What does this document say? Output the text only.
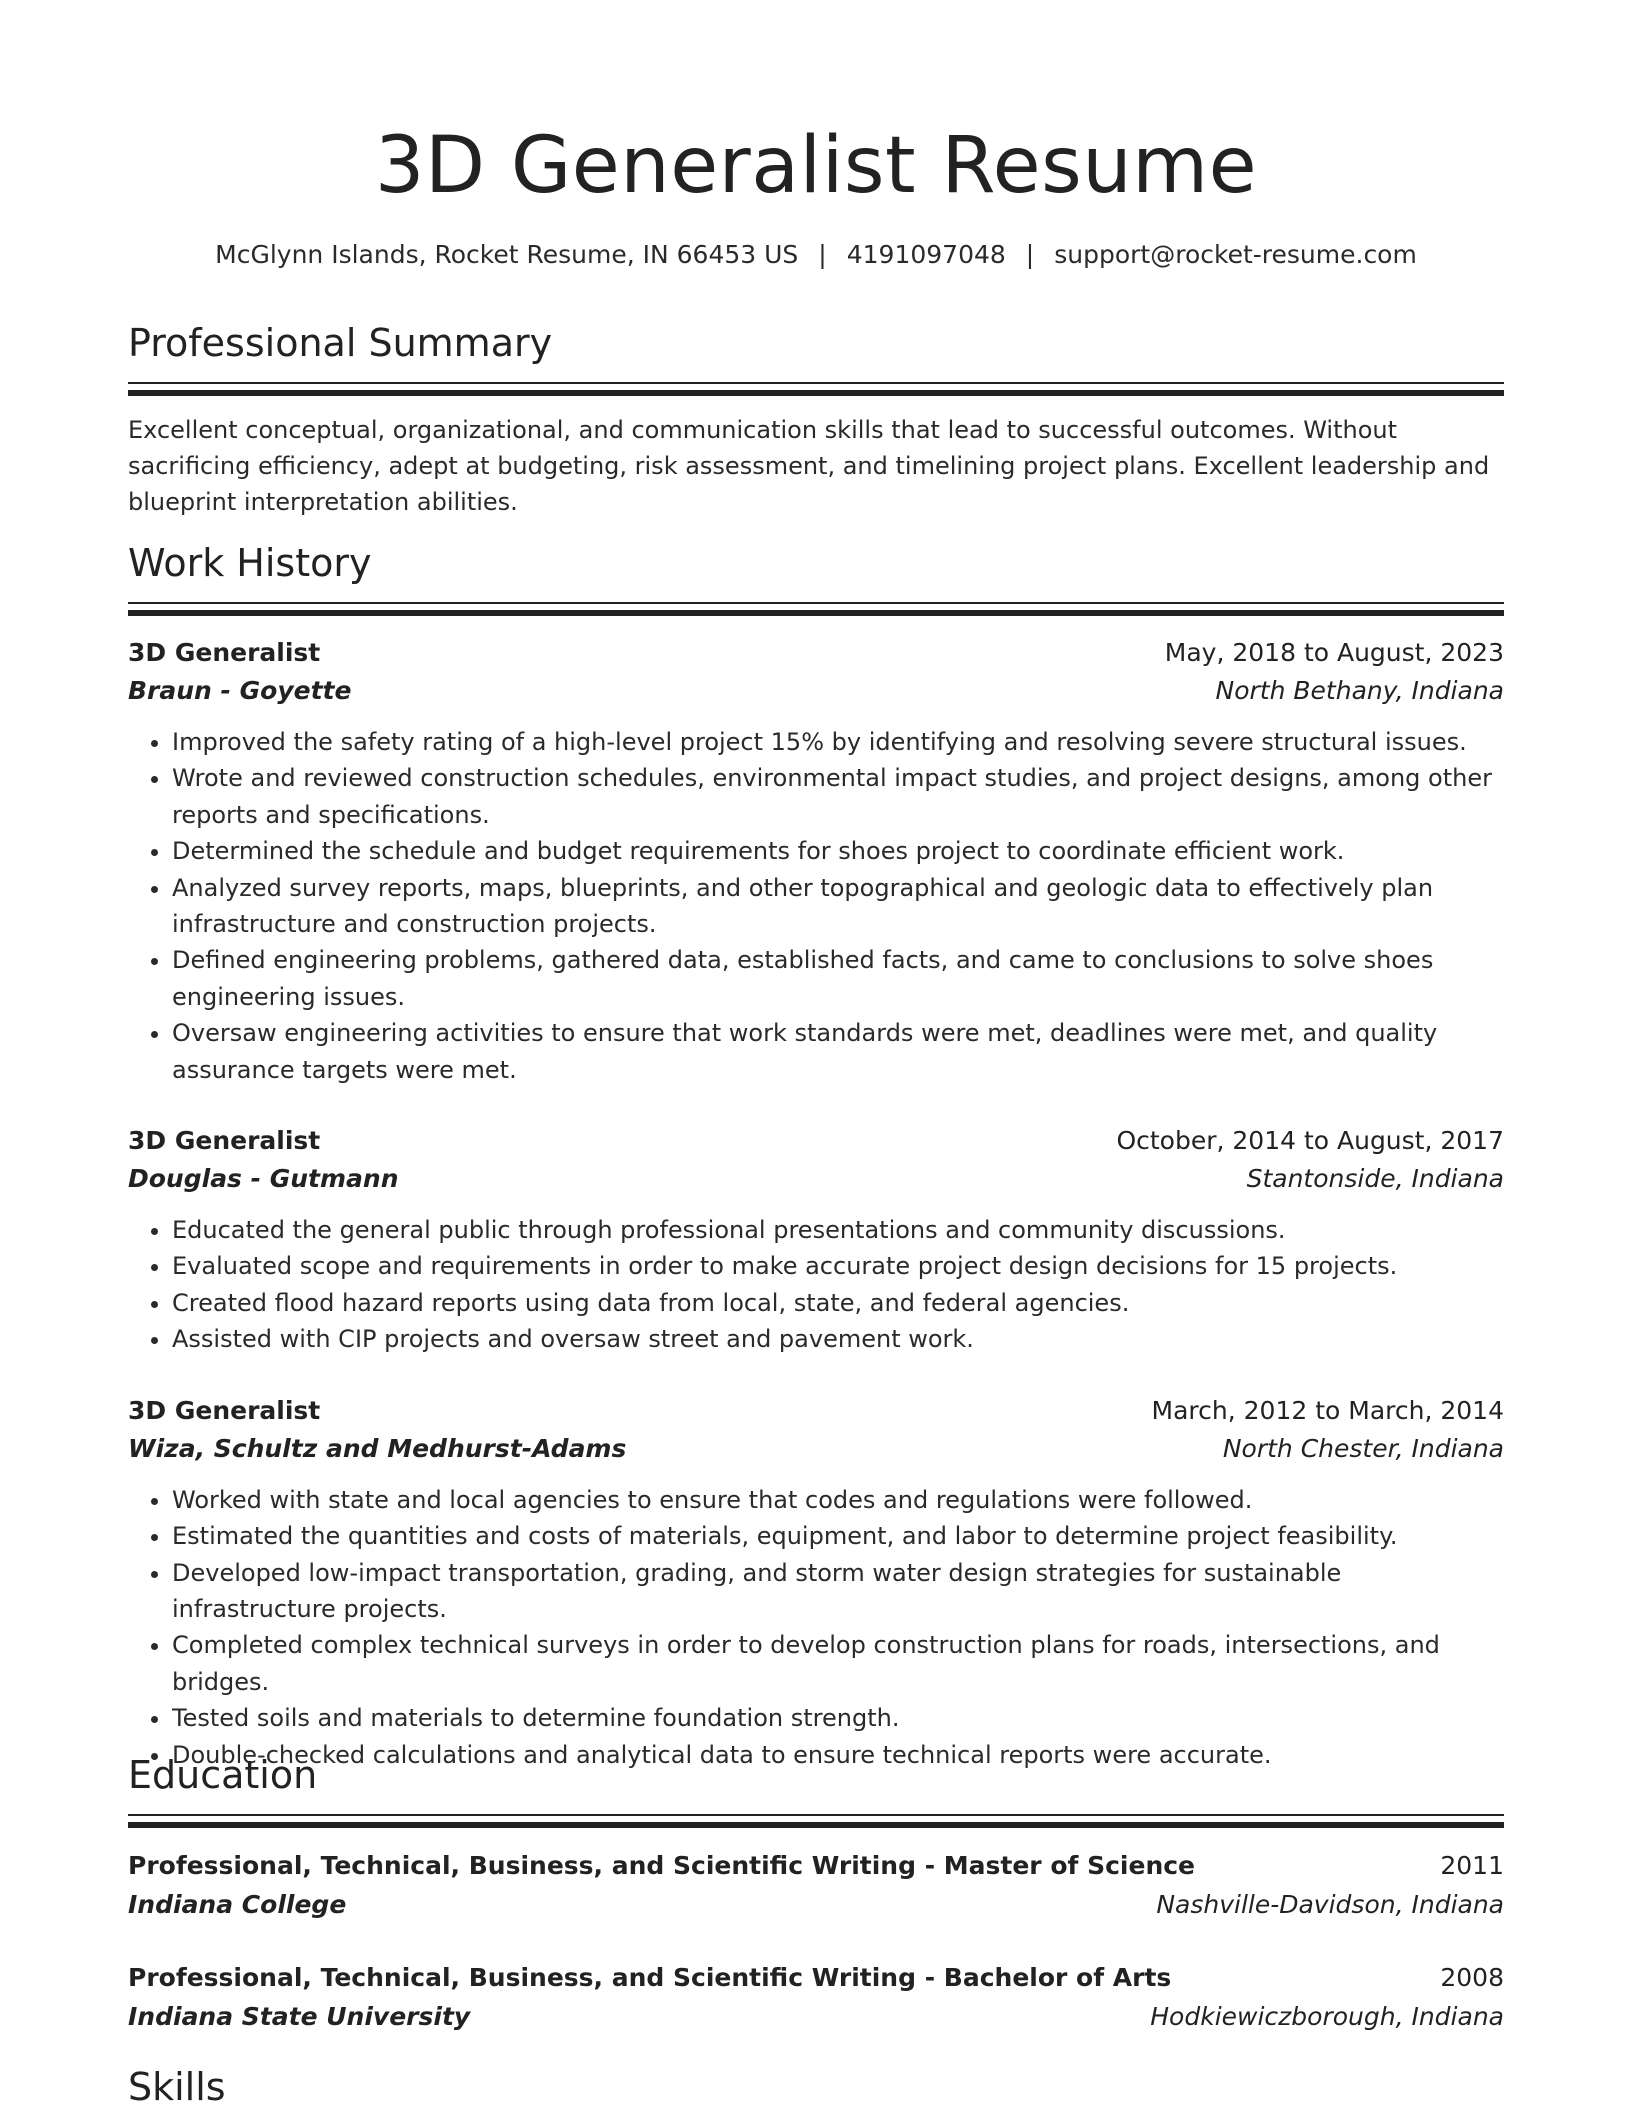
3D Generalist Resume
McGlynn Islands, Rocket Resume, IN 66453 US | 4191097048 | support@rocket-resume.com
Professional Summary
Excellent conceptual, organizational, and communication skills that lead to successful outcomes. Without sacrificing efficiency, adept at budgeting, risk assessment, and timelining project plans. Excellent leadership and blueprint interpretation abilities.
Work History
3D Generalist	May, 2018 to August, 2023
Braun - Goyette	North Bethany, Indiana
• Improved the safety rating of a high-level project 15% by identifying and resolving severe structural issues.
• Wrote and reviewed construction schedules, environmental impact studies, and project designs, among other reports and specifications.
• Determined the schedule and budget requirements for shoes project to coordinate efficient work.
• Analyzed survey reports, maps, blueprints, and other topographical and geologic data to effectively plan infrastructure and construction projects.
• Defined engineering problems, gathered data, established facts, and came to conclusions to solve shoes engineering issues.
• Oversaw engineering activities to ensure that work standards were met, deadlines were met, and quality assurance targets were met.
3D Generalist	October, 2014 to August, 2017
Douglas - Gutmann	Stantonside, Indiana
• Educated the general public through professional presentations and community discussions.
• Evaluated scope and requirements in order to make accurate project design decisions for 15 projects.
• Created flood hazard reports using data from local, state, and federal agencies.
• Assisted with CIP projects and oversaw street and pavement work.
3D Generalist	March, 2012 to March, 2014
Wiza, Schultz and Medhurst-Adams	North Chester, Indiana
• Worked with state and local agencies to ensure that codes and regulations were followed.
• Estimated the quantities and costs of materials, equipment, and labor to determine project feasibility.
• Developed low-impact transportation, grading, and storm water design strategies for sustainable infrastructure projects.
• Completed complex technical surveys in order to develop construction plans for roads, intersections, and bridges.
• Tested soils and materials to determine foundation strength.
• Double-checked calculations and analytical data to ensure technical reports were accurate.
Education
Professional, Technical, Business, and Scientific Writing - Master of Science	2011
Indiana College	Nashville-Davidson, Indiana
Professional, Technical, Business, and Scientific Writing - Bachelor of Arts	2008
Indiana State University	Hodkiewiczborough, Indiana
Skills
